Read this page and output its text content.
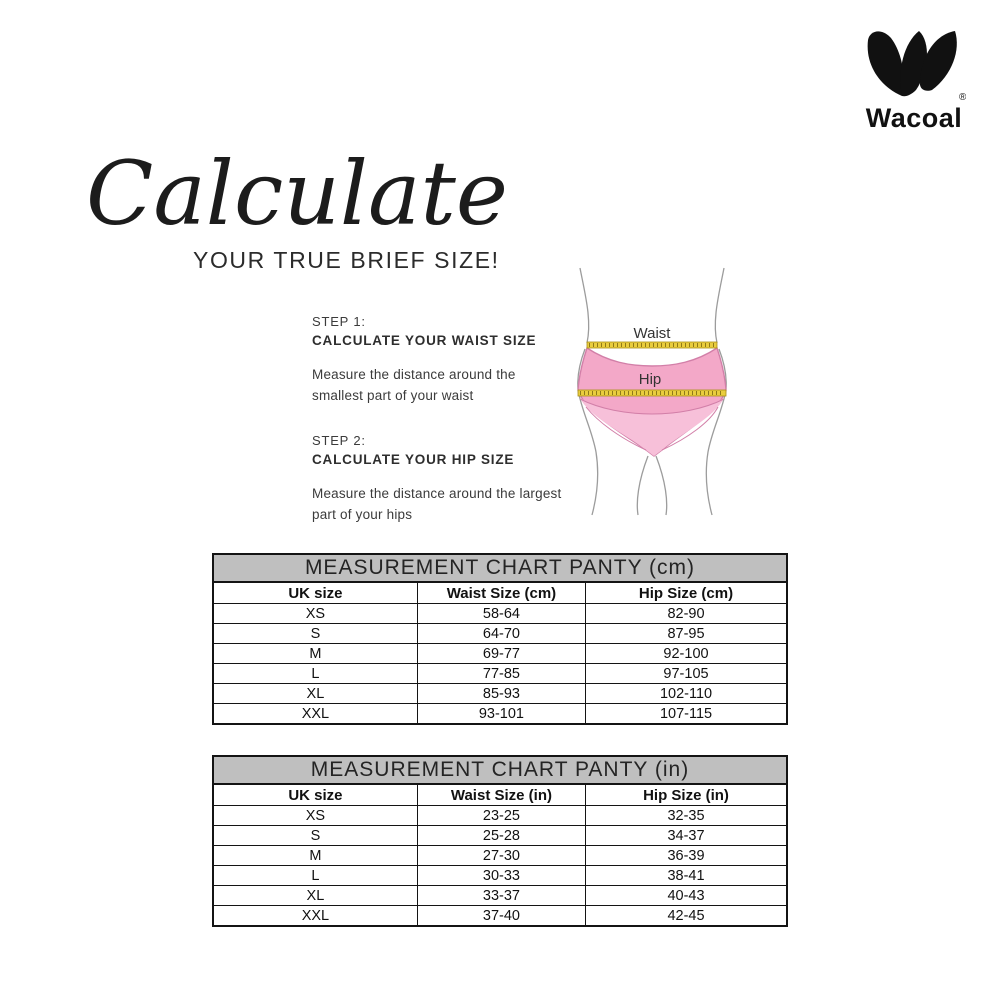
®
Wacoal
Calculate
YOUR TRUE BRIEF SIZE!
STEP 1:
CALCULATE YOUR WAIST SIZE
Measure the distance around the smallest part of your waist
STEP 2:
CALCULATE YOUR HIP SIZE
Measure the distance around the largest part of your hips
Waist
Hip
MEASUREMENT CHART PANTY (cm)		
UK size	Waist Size (cm)	Hip Size (cm)
XS	58-64	82-90
S	64-70	87-95
M	69-77	92-100
L	77-85	97-105
XL	85-93	102-110
XXL	93-101	107-115
MEASUREMENT CHART PANTY (in)		
UK size	Waist Size (in)	Hip Size (in)
XS	23-25	32-35
S	25-28	34-37
M	27-30	36-39
L	30-33	38-41
XL	33-37	40-43
XXL	37-40	42-45
